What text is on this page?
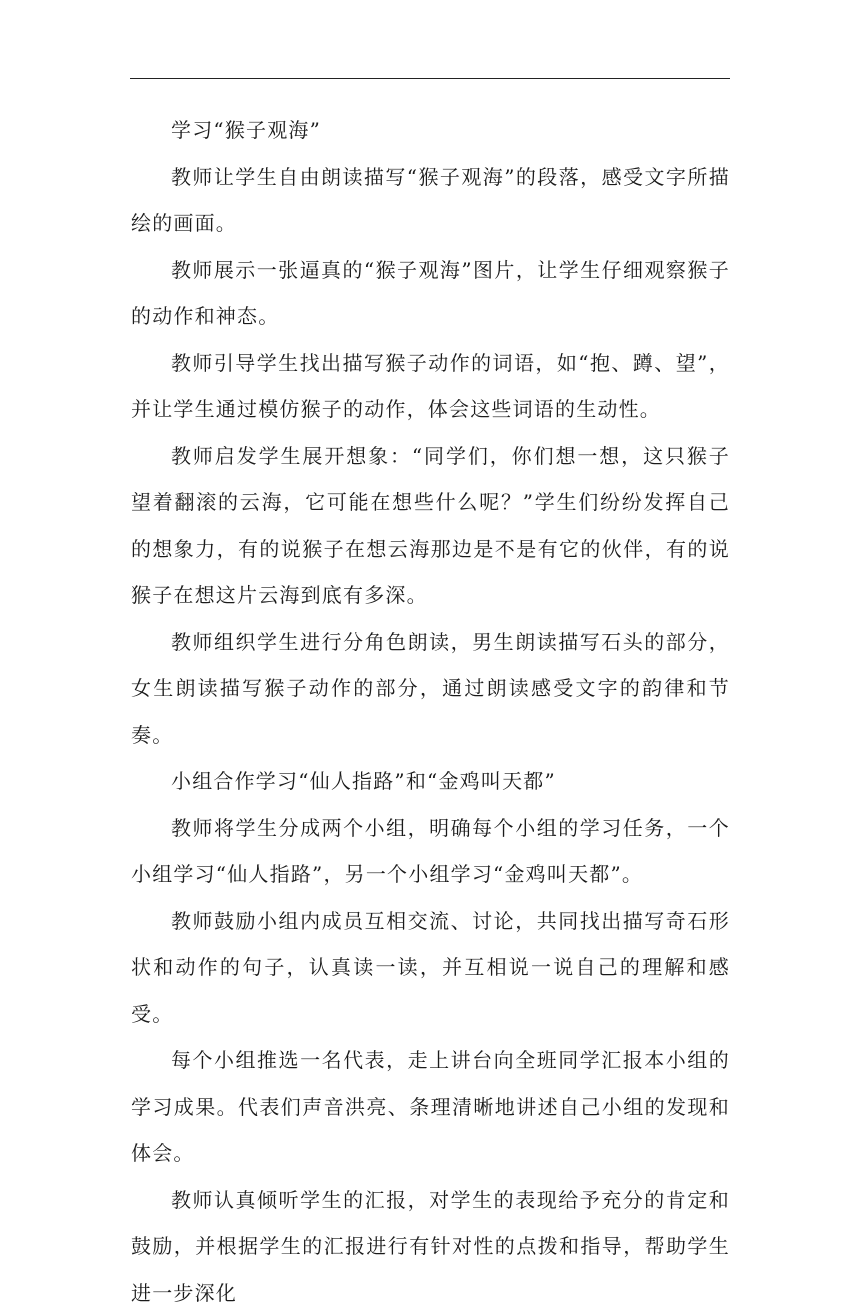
学习“猴子观海”

教师让学生自由朗读描写“猴子观海”的段落，感受文字所描绘的画面。

教师展示一张逼真的“猴子观海”图片，让学生仔细观察猴子的动作和神态。

教师引导学生找出描写猴子动作的词语，如“抱、蹲、望”，并让学生通过模仿猴子的动作，体会这些词语的生动性。

教师启发学生展开想象：“同学们，你们想一想，这只猴子望着翻滚的云海，它可能在想些什么呢？”学生们纷纷发挥自己的想象力，有的说猴子在想云海那边是不是有它的伙伴，有的说猴子在想这片云海到底有多深。

教师组织学生进行分角色朗读，男生朗读描写石头的部分，女生朗读描写猴子动作的部分，通过朗读感受文字的韵律和节奏。

小组合作学习“仙人指路”和“金鸡叫天都”

教师将学生分成两个小组，明确每个小组的学习任务，一个小组学习“仙人指路”，另一个小组学习“金鸡叫天都”。

教师鼓励小组内成员互相交流、讨论，共同找出描写奇石形状和动作的句子，认真读一读，并互相说一说自己的理解和感受。

每个小组推选一名代表，走上讲台向全班同学汇报本小组的学习成果。代表们声音洪亮、条理清晰地讲述自己小组的发现和体会。

教师认真倾听学生的汇报，对学生的表现给予充分的肯定和鼓励，并根据学生的汇报进行有针对性的点拨和指导，帮助学生进一步深化
